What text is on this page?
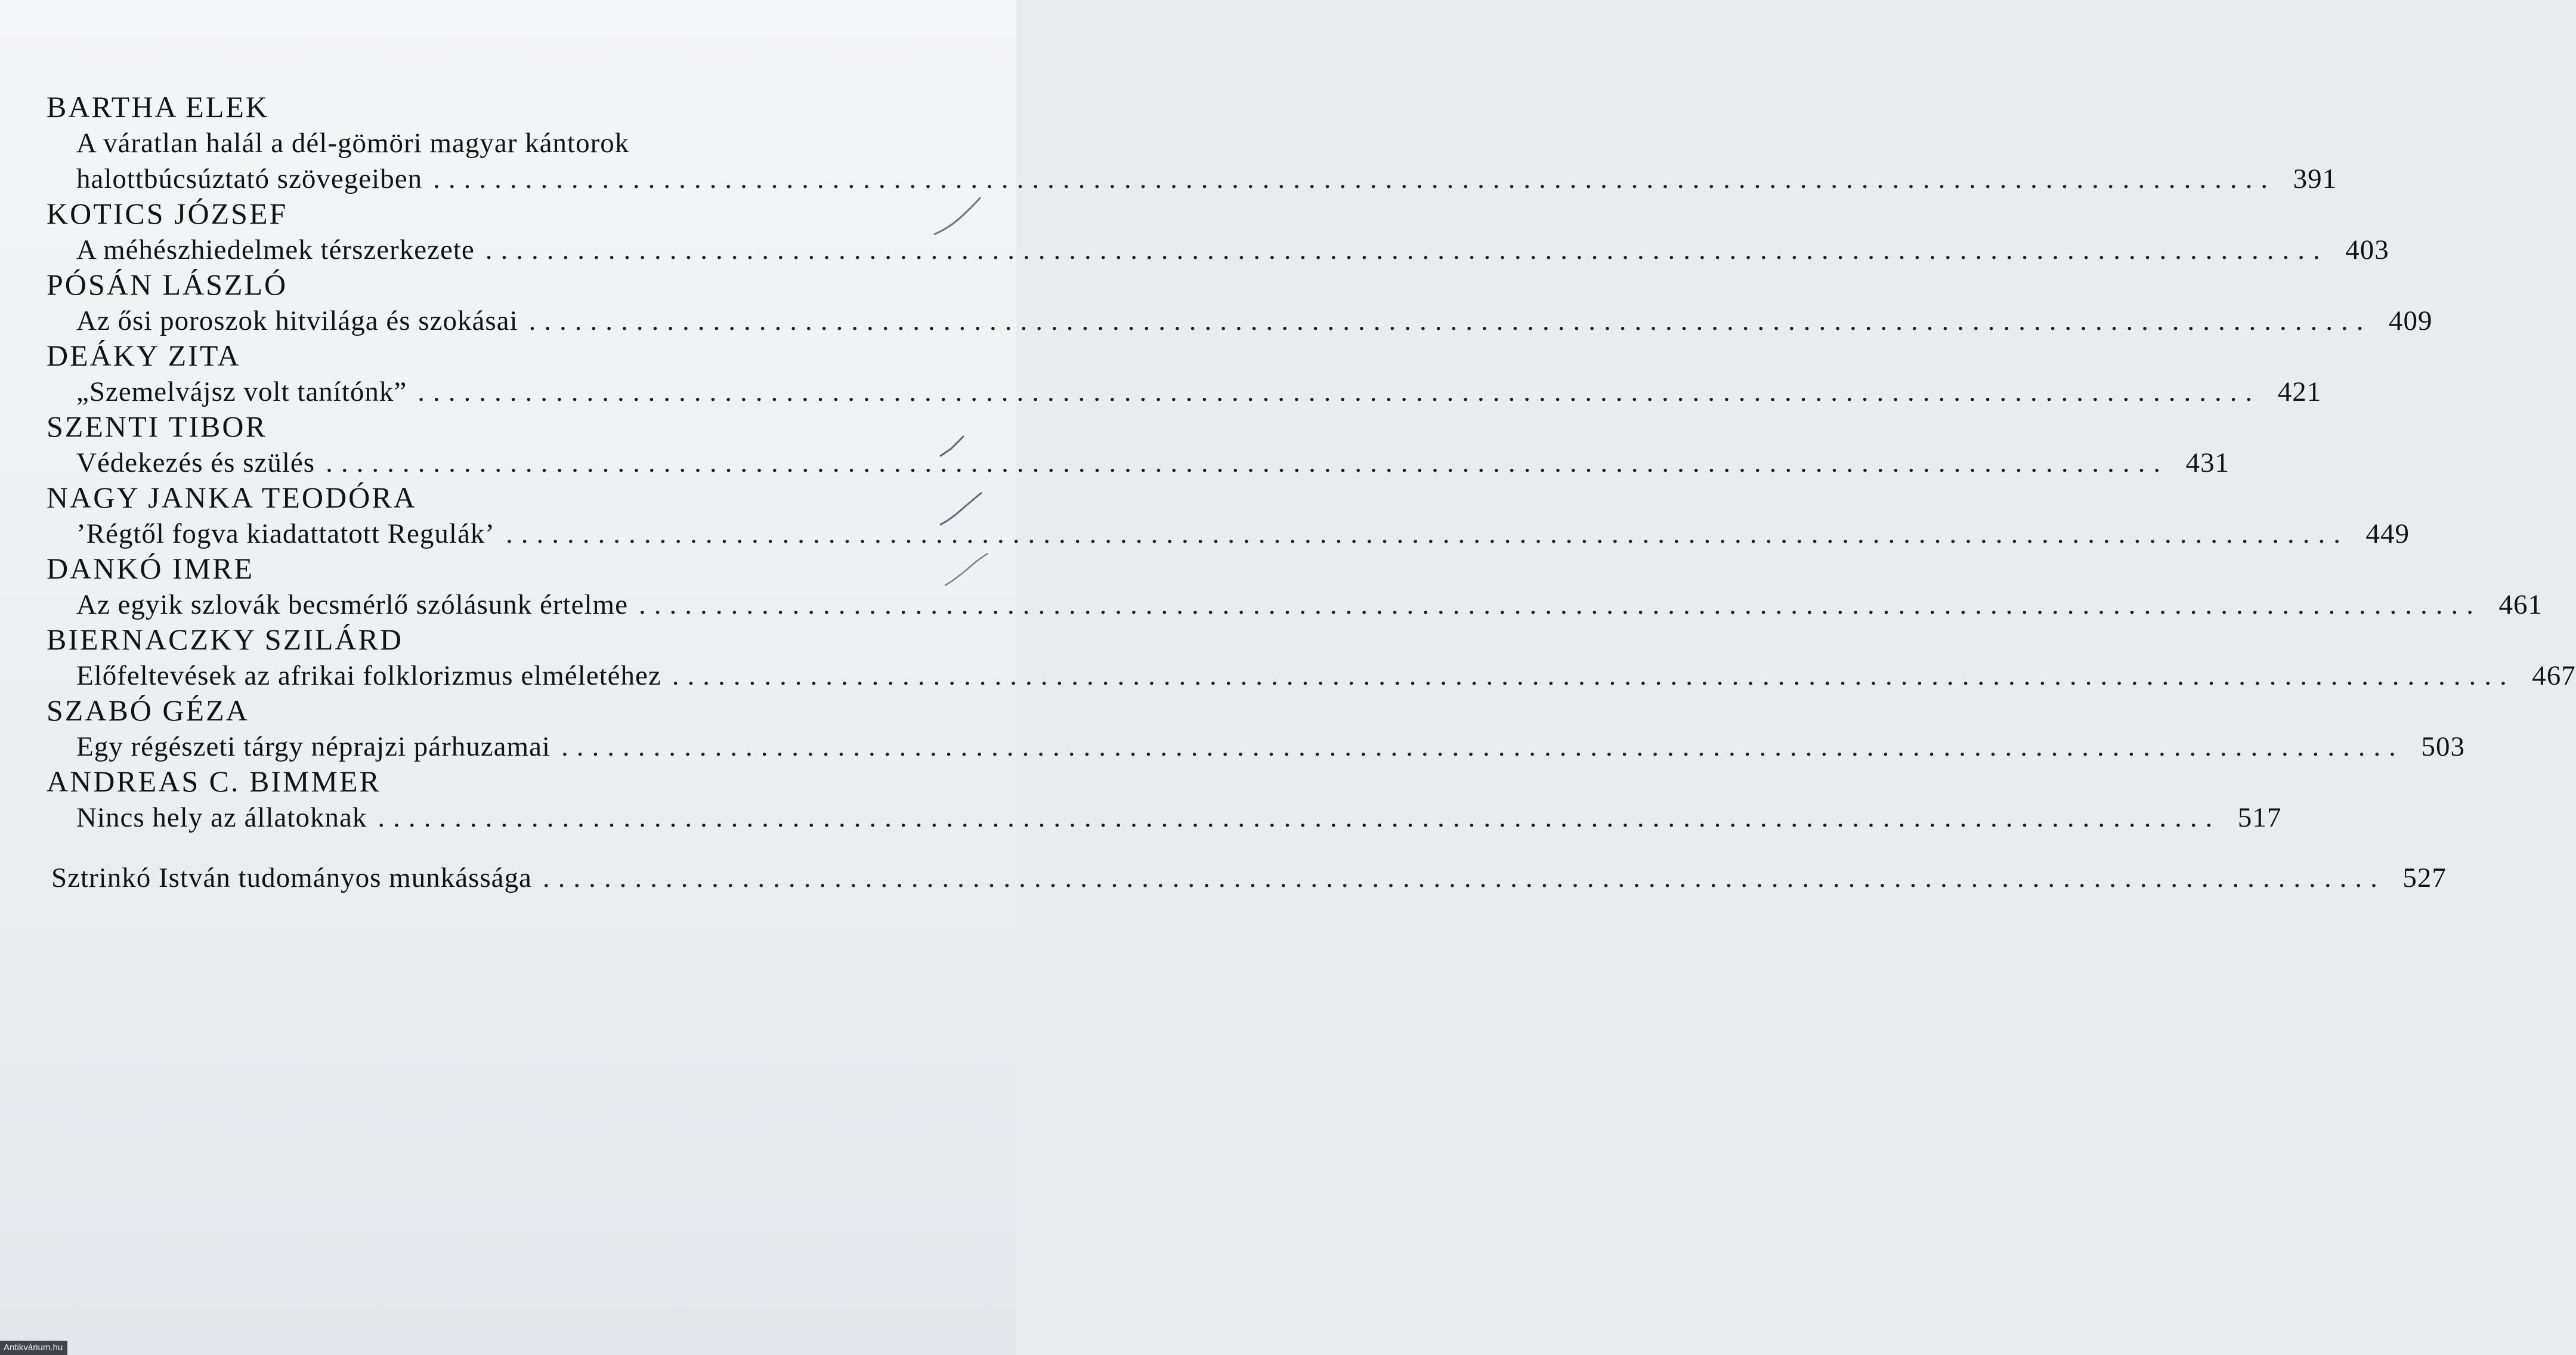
BARTHA ELEK
A váratlan halál a dél-gömöri magyar kántorok
halottbúcsúztató szövegeiben ........................................................................................................................ 391
KOTICS JÓZSEF
A méhészhiedelmek térszerkezete ........................................................................................................................ 403
PÓSÁN LÁSZLÓ
Az ősi poroszok hitvilága és szokásai ........................................................................................................................ 409
DEÁKY ZITA
„Szemelvájsz volt tanítónk” ........................................................................................................................ 421
SZENTI TIBOR
Védekezés és szülés ........................................................................................................................ 431
NAGY JANKA TEODÓRA
’Régtől fogva kiadattatott Regulák’ ........................................................................................................................ 449
DANKÓ IMRE
Az egyik szlovák becsmérlő szólásunk értelme ........................................................................................................................ 461
BIERNACZKY SZILÁRD
Előfeltevések az afrikai folklorizmus elméletéhez ........................................................................................................................ 467
SZABÓ GÉZA
Egy régészeti tárgy néprajzi párhuzamai ........................................................................................................................ 503
ANDREAS C. BIMMER
Nincs hely az állatoknak ........................................................................................................................ 517
Sztrinkó István tudományos munkássága ........................................................................................................................ 527
Antikvárium.hu
